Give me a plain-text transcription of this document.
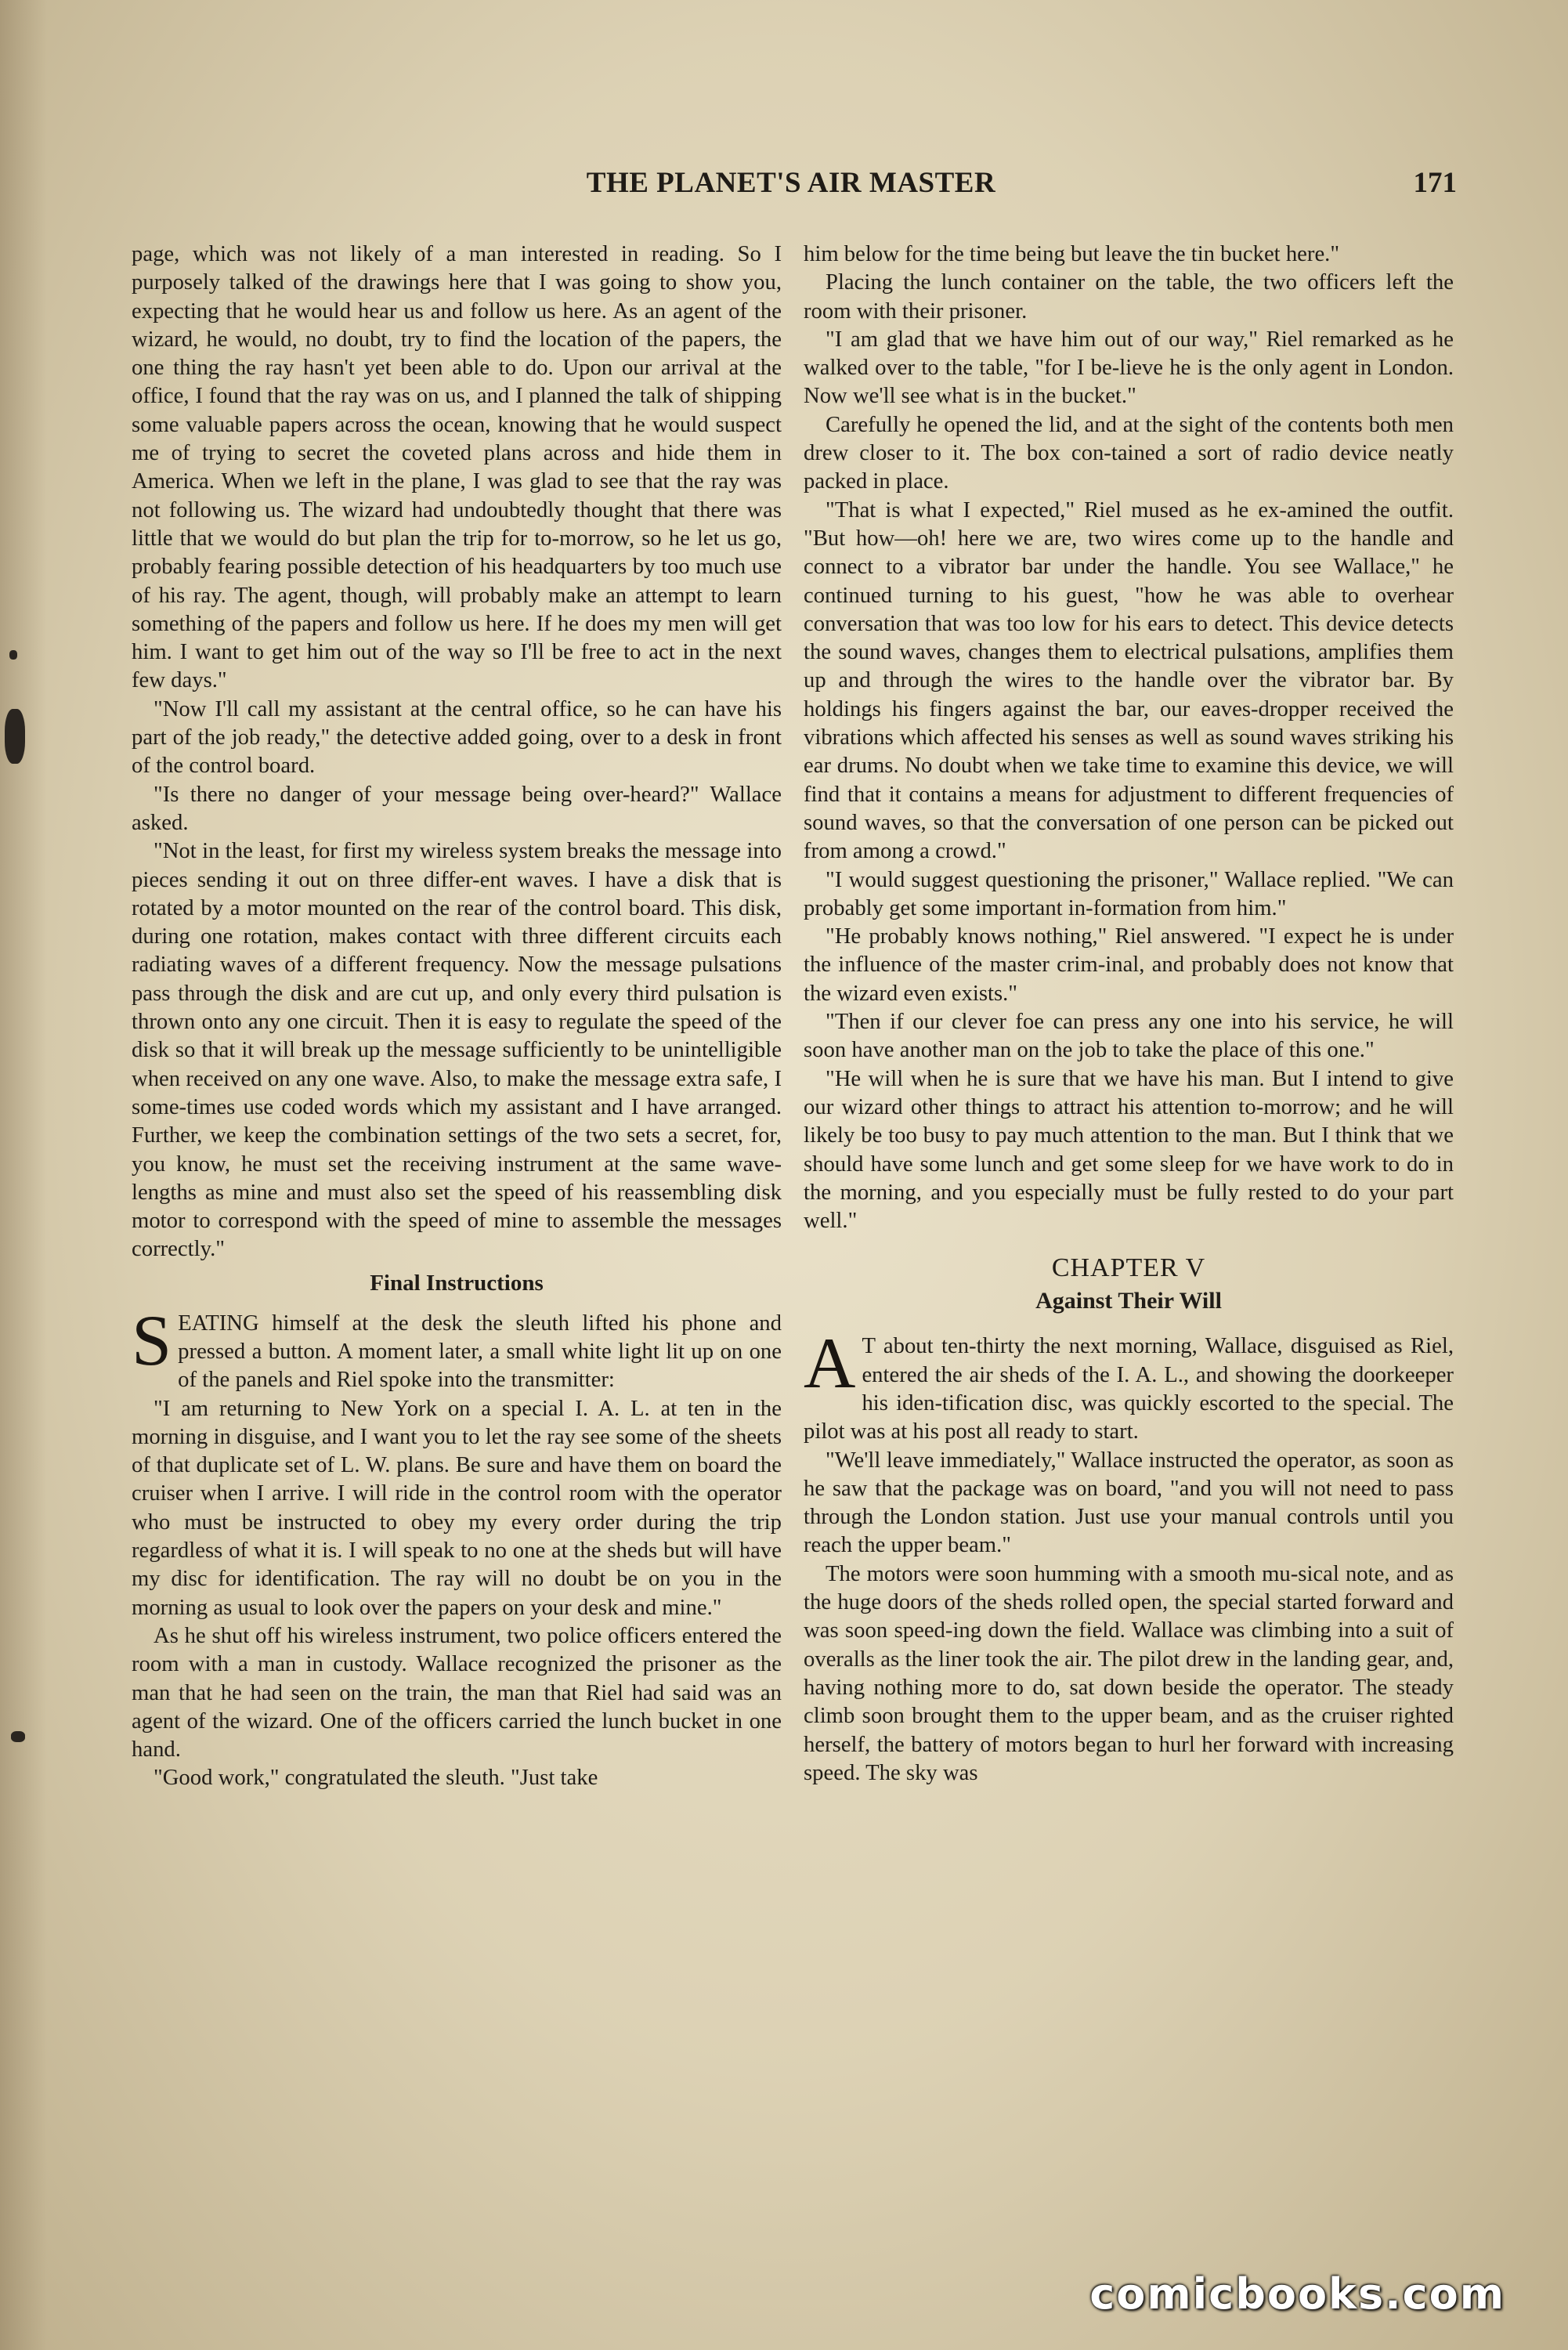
THE PLANET'S AIR MASTER	171

page, which was not likely of a man interested in reading. So I purposely talked of the drawings here that I was going to show you, expecting that he would hear us and follow us here. As an agent of the wizard, he would, no doubt, try to find the location of the papers, the one thing the ray hasn't yet been able to do. Upon our arrival at the office, I found that the ray was on us, and I planned the talk of shipping some valuable papers across the ocean, knowing that he would suspect me of trying to secret the coveted plans across and hide them in America. When we left in the plane, I was glad to see that the ray was not following us. The wizard had undoubtedly thought that there was little that we would do but plan the trip for to-morrow, so he let us go, probably fearing possible detection of his headquarters by too much use of his ray. The agent, though, will probably make an attempt to learn something of the papers and follow us here. If he does my men will get him. I want to get him out of the way so I'll be free to act in the next few days."

"Now I'll call my assistant at the central office, so he can have his part of the job ready," the detective added going, over to a desk in front of the control board.

"Is there no danger of your message being over-heard?" Wallace asked.

"Not in the least, for first my wireless system breaks the message into pieces sending it out on three differ-ent waves. I have a disk that is rotated by a motor mounted on the rear of the control board. This disk, during one rotation, makes contact with three different circuits each radiating waves of a different frequency. Now the message pulsations pass through the disk and are cut up, and only every third pulsation is thrown onto any one circuit. Then it is easy to regulate the speed of the disk so that it will break up the message sufficiently to be unintelligible when received on any one wave. Also, to make the message extra safe, I some-times use coded words which my assistant and I have arranged. Further, we keep the combination settings of the two sets a secret, for, you know, he must set the receiving instrument at the same wave-lengths as mine and must also set the speed of his reassembling disk motor to correspond with the speed of mine to assemble the messages correctly."

Final Instructions

SEATING himself at the desk the sleuth lifted his phone and pressed a button. A moment later, a small white light lit up on one of the panels and Riel spoke into the transmitter:

"I am returning to New York on a special I. A. L. at ten in the morning in disguise, and I want you to let the ray see some of the sheets of that duplicate set of L. W. plans. Be sure and have them on board the cruiser when I arrive. I will ride in the control room with the operator who must be instructed to obey my every order during the trip regardless of what it is. I will speak to no one at the sheds but will have my disc for identification. The ray will no doubt be on you in the morning as usual to look over the papers on your desk and mine."

As he shut off his wireless instrument, two police officers entered the room with a man in custody. Wallace recognized the prisoner as the man that he had seen on the train, the man that Riel had said was an agent of the wizard. One of the officers carried the lunch bucket in one hand.

"Good work," congratulated the sleuth. "Just take

him below for the time being but leave the tin bucket here."

Placing the lunch container on the table, the two officers left the room with their prisoner.

"I am glad that we have him out of our way," Riel remarked as he walked over to the table, "for I be-lieve he is the only agent in London. Now we'll see what is in the bucket."

Carefully he opened the lid, and at the sight of the contents both men drew closer to it. The box con-tained a sort of radio device neatly packed in place.

"That is what I expected," Riel mused as he ex-amined the outfit. "But how—oh! here we are, two wires come up to the handle and connect to a vibrator bar under the handle. You see Wallace," he continued turning to his guest, "how he was able to overhear conversation that was too low for his ears to detect. This device detects the sound waves, changes them to electrical pulsations, amplifies them up and through the wires to the handle over the vibrator bar. By holdings his fingers against the bar, our eaves-dropper received the vibrations which affected his senses as well as sound waves striking his ear drums. No doubt when we take time to examine this device, we will find that it contains a means for adjustment to different frequencies of sound waves, so that the conversation of one person can be picked out from among a crowd."

"I would suggest questioning the prisoner," Wallace replied. "We can probably get some important in-formation from him."

"He probably knows nothing," Riel answered. "I expect he is under the influence of the master crim-inal, and probably does not know that the wizard even exists."

"Then if our clever foe can press any one into his service, he will soon have another man on the job to take the place of this one."

"He will when he is sure that we have his man. But I intend to give our wizard other things to attract his attention to-morrow; and he will likely be too busy to pay much attention to the man. But I think that we should have some lunch and get some sleep for we have work to do in the morning, and you especially must be fully rested to do your part well."

CHAPTER V
Against Their Will

A T about ten-thirty the next morning, Wallace, disguised as Riel, entered the air sheds of the I. A. L., and showing the doorkeeper his iden-tification disc, was quickly escorted to the special. The pilot was at his post all ready to start.

"We'll leave immediately," Wallace instructed the operator, as soon as he saw that the package was on board, "and you will not need to pass through the London station. Just use your manual controls until you reach the upper beam."

The motors were soon humming with a smooth mu-sical note, and as the huge doors of the sheds rolled open, the special started forward and was soon speed-ing down the field. Wallace was climbing into a suit of overalls as the liner took the air. The pilot drew in the landing gear, and, having nothing more to do, sat down beside the operator. The steady climb soon brought them to the upper beam, and as the cruiser righted herself, the battery of motors began to hurl her forward with increasing speed. The sky was

comicbooks.com
